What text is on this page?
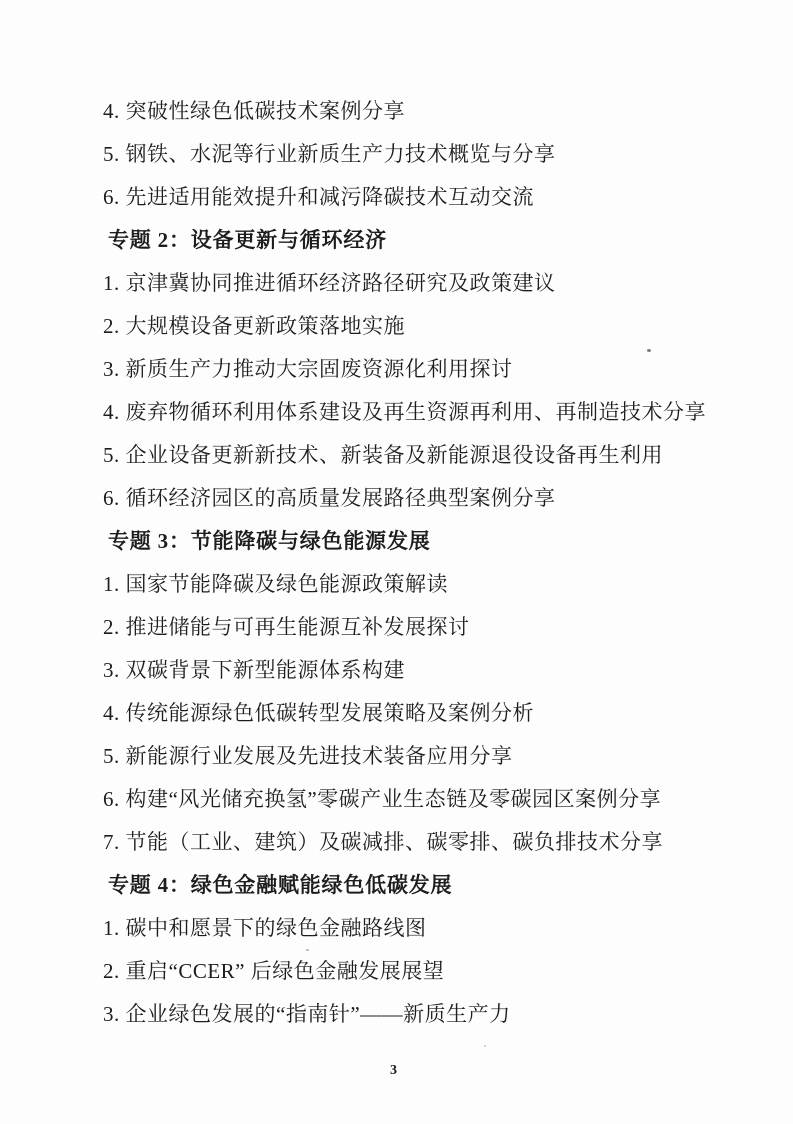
4. 突破性绿色低碳技术案例分享
5. 钢铁、水泥等行业新质生产力技术概览与分享
6. 先进适用能效提升和减污降碳技术互动交流
专题 2：设备更新与循环经济
1. 京津冀协同推进循环经济路径研究及政策建议
2. 大规模设备更新政策落地实施
3. 新质生产力推动大宗固废资源化利用探讨
4. 废弃物循环利用体系建设及再生资源再利用、再制造技术分享
5. 企业设备更新新技术、新装备及新能源退役设备再生利用
6. 循环经济园区的高质量发展路径典型案例分享
专题 3：节能降碳与绿色能源发展
1. 国家节能降碳及绿色能源政策解读
2. 推进储能与可再生能源互补发展探讨
3. 双碳背景下新型能源体系构建
4. 传统能源绿色低碳转型发展策略及案例分析
5. 新能源行业发展及先进技术装备应用分享
6. 构建“风光储充换氢”零碳产业生态链及零碳园区案例分享
7. 节能（工业、建筑）及碳减排、碳零排、碳负排技术分享
专题 4：绿色金融赋能绿色低碳发展
1. 碳中和愿景下的绿色金融路线图
2. 重启“CCER” 后绿色金融发展展望
3. 企业绿色发展的“指南针”——新质生产力
3
